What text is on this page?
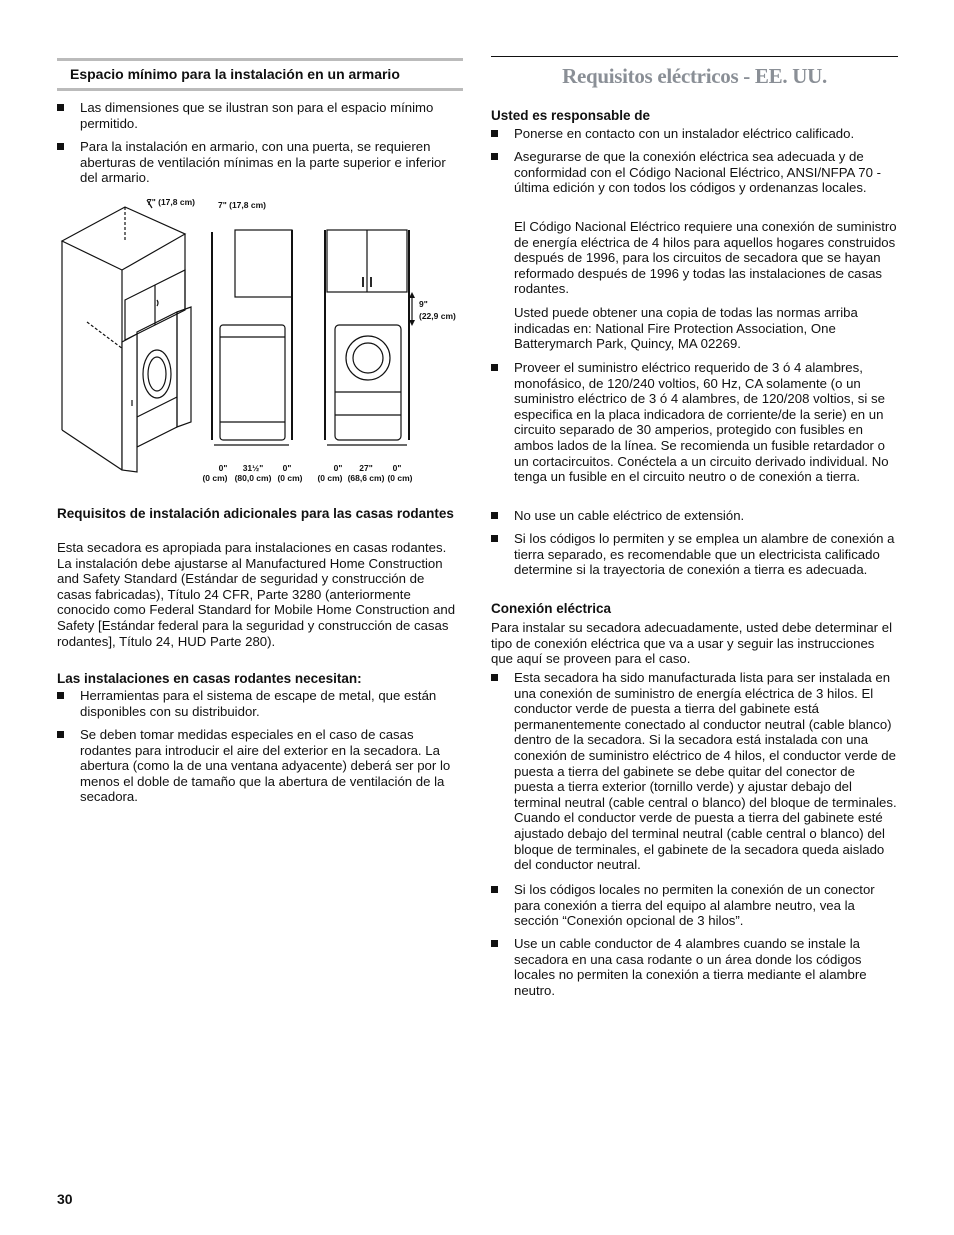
Espacio mínimo para la instalación en un armario
Las dimensiones que se ilustran son para el espacio mínimo permitido.
Para la instalación en armario, con una puerta, se requieren aberturas de ventilación mínimas en la parte superior e inferior del armario.
7" (17,8 cm)	7" (17,8 cm)
9"
(22,9 cm)
0"
(0 cm)
31½"
(80,0 cm)
0"
(0 cm)
0"
(0 cm)
27"
(68,6 cm)
0"
(0 cm)
Requisitos de instalación adicionales para las casas rodantes
Esta secadora es apropiada para instalaciones en casas rodantes. La instalación debe ajustarse al Manufactured Home Construction and Safety Standard (Estándar de seguridad y construcción de casas fabricadas), Título 24 CFR, Parte 3280 (anteriormente conocido como Federal Standard for Mobile Home Construction and Safety [Estándar federal para la seguridad y construcción de casas rodantes], Título 24, HUD Parte 280).
Las instalaciones en casas rodantes necesitan:
Herramientas para el sistema de escape de metal, que están disponibles con su distribuidor.
Se deben tomar medidas especiales en el caso de casas rodantes para introducir el aire del exterior en la secadora. La abertura (como la de una ventana adyacente) deberá ser por lo menos el doble de tamaño que la abertura de ventilación de la secadora.
Requisitos eléctricos - EE. UU.
Usted es responsable de
Ponerse en contacto con un instalador eléctrico calificado.
Asegurarse de que la conexión eléctrica sea adecuada y de conformidad con el Código Nacional Eléctrico, ANSI/NFPA 70 - última edición y con todos los códigos y ordenanzas locales.
El Código Nacional Eléctrico requiere una conexión de suministro de energía eléctrica de 4 hilos para aquellos hogares construidos después de 1996, para los circuitos de secadora que se hayan reformado después de 1996 y todas las instalaciones de casas rodantes.
Usted puede obtener una copia de todas las normas arriba indicadas en: National Fire Protection Association, One Batterymarch Park, Quincy, MA 02269.
Proveer el suministro eléctrico requerido de 3 ó 4 alambres, monofásico, de 120/240 voltios, 60 Hz, CA solamente (o un suministro eléctrico de 3 ó 4 alambres, de 120/208 voltios, si se especifica en la placa indicadora de corriente/de la serie) en un circuito separado de 30 amperios, protegido con fusibles en ambos lados de la línea. Se recomienda un fusible retardador o un cortacircuitos. Conéctela a un circuito derivado individual. No tenga un fusible en el circuito neutro o de conexión a tierra.
No use un cable eléctrico de extensión.
Si los códigos lo permiten y se emplea un alambre de conexión a tierra separado, es recomendable que un electricista calificado determine si la trayectoria de conexión a tierra es adecuada.
Conexión eléctrica
Para instalar su secadora adecuadamente, usted debe determinar el tipo de conexión eléctrica que va a usar y seguir las instrucciones que aquí se proveen para el caso.
Esta secadora ha sido manufacturada lista para ser instalada en una conexión de suministro de energía eléctrica de 3 hilos. El conductor verde de puesta a tierra del gabinete está permanentemente conectado al conductor neutral (cable blanco) dentro de la secadora. Si la secadora está instalada con una conexión de suministro eléctrico de 4 hilos, el conductor verde de puesta a tierra del gabinete se debe quitar del conector de puesta a tierra exterior (tornillo verde) y ajustar debajo del terminal neutral (cable central o blanco) del bloque de terminales. Cuando el conductor verde de puesta a tierra del gabinete esté ajustado debajo del terminal neutral (cable central o blanco) del bloque de terminales, el gabinete de la secadora queda aislado del conductor neutral.
Si los códigos locales no permiten la conexión de un conector para conexión a tierra del equipo al alambre neutro, vea la sección “Conexión opcional de 3 hilos”.
Use un cable conductor de 4 alambres cuando se instale la secadora en una casa rodante o un área donde los códigos locales no permiten la conexión a tierra mediante el alambre neutro.
30
